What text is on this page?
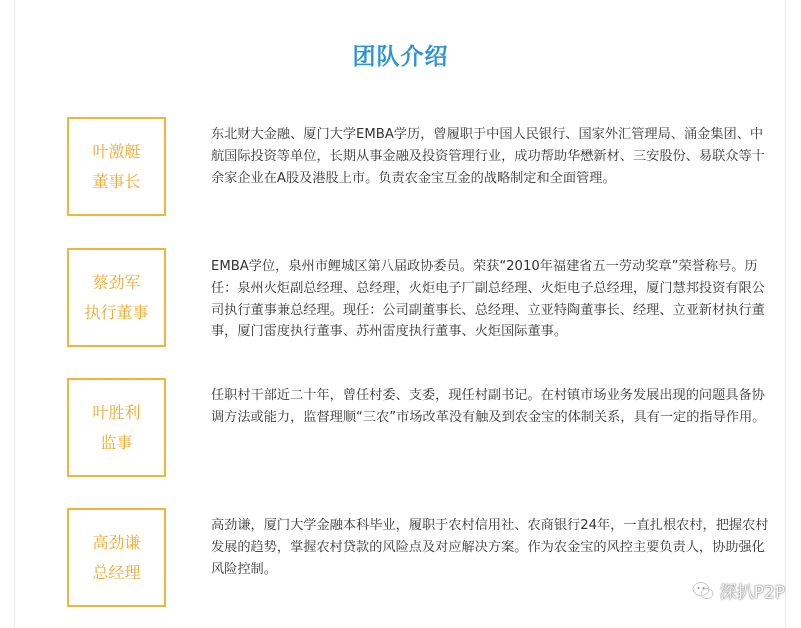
团队介绍
叶激艇
董事长
东北财大金融、厦门大学EMBA学历，曾履职于中国人民银行、国家外汇管理局、涌金集团、中航国际投资等单位，长期从事金融及投资管理行业，成功帮助华懋新材、三安股份、易联众等十余家企业在A股及港股上市。负责农金宝互金的战略制定和全面管理。
蔡劲军
执行董事
EMBA学位，泉州市鲤城区第八届政协委员。荣获“2010年福建省五一劳动奖章”荣誉称号。历任：泉州火炬副总经理、总经理，火炬电子厂副总经理、火炬电子总经理，厦门慧邦投资有限公司执行董事兼总经理。现任：公司副董事长、总经理、立亚特陶董事长、经理、立亚新材执行董事，厦门雷度执行董事、苏州雷度执行董事、火炬国际董事。
叶胜利
监事
任职村干部近二十年，曾任村委、支委，现任村副书记。在村镇市场业务发展出现的问题具备协调方法或能力，监督理顺“三农”市场改革没有触及到农金宝的体制关系，具有一定的指导作用。
高劲谦
总经理
高劲谦，厦门大学金融本科毕业，履职于农村信用社、农商银行24年，一直扎根农村，把握农村发展的趋势，掌握农村贷款的风险点及对应解决方案。作为农金宝的风控主要负责人，协助强化风险控制。
深扒P2P
